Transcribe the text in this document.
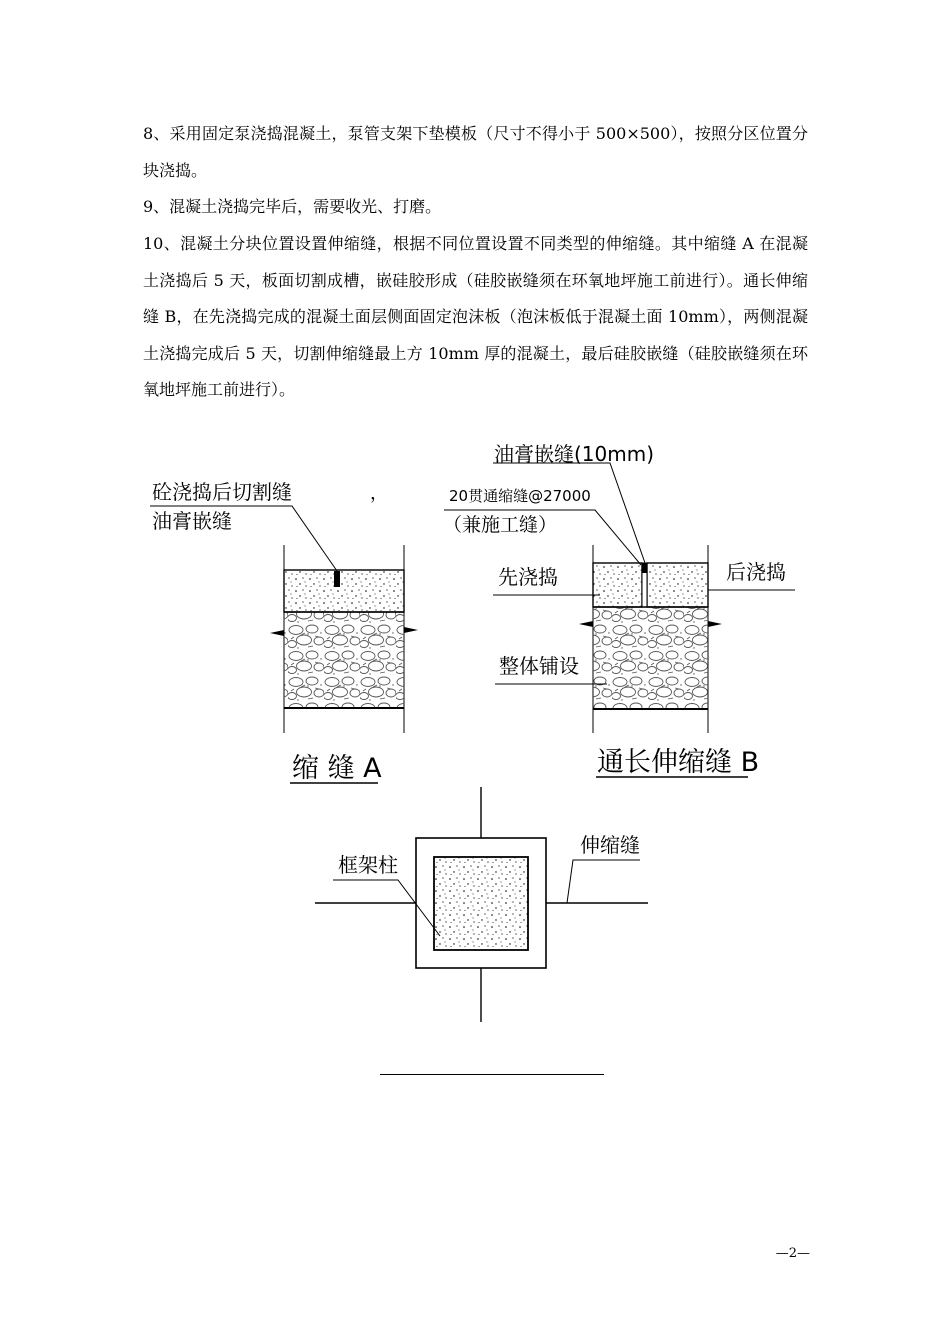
8、采用固定泵浇捣混凝土，泵管支架下垫模板（尺寸不得小于 500×500），按照分区位置分块浇捣。

9、混凝土浇捣完毕后，需要收光、打磨。

10、混凝土分块位置设置伸缩缝，根据不同位置设置不同类型的伸缩缝。其中缩缝 A 在混凝土浇捣后 5 天，板面切割成槽，嵌硅胶形成（硅胶嵌缝须在环氧地坪施工前进行）。通长伸缩缝 B，在先浇捣完成的混凝土面层侧面固定泡沫板（泡沫板低于混凝土面 10mm），两侧混凝土浇捣完成后 5 天，切割伸缩缝最上方 10mm 厚的混凝土，最后硅胶嵌缝（硅胶嵌缝须在环氧地坪施工前进行）。

砼浇捣后切割缝
油膏嵌缝
，
缩 缝 A
油膏嵌缝(10mm)
20贯通缩缝@27000
（兼施工缝）
先浇捣	后浇捣
整体铺设
通长伸缩缝 B
框架柱
伸缩缝
—2—
